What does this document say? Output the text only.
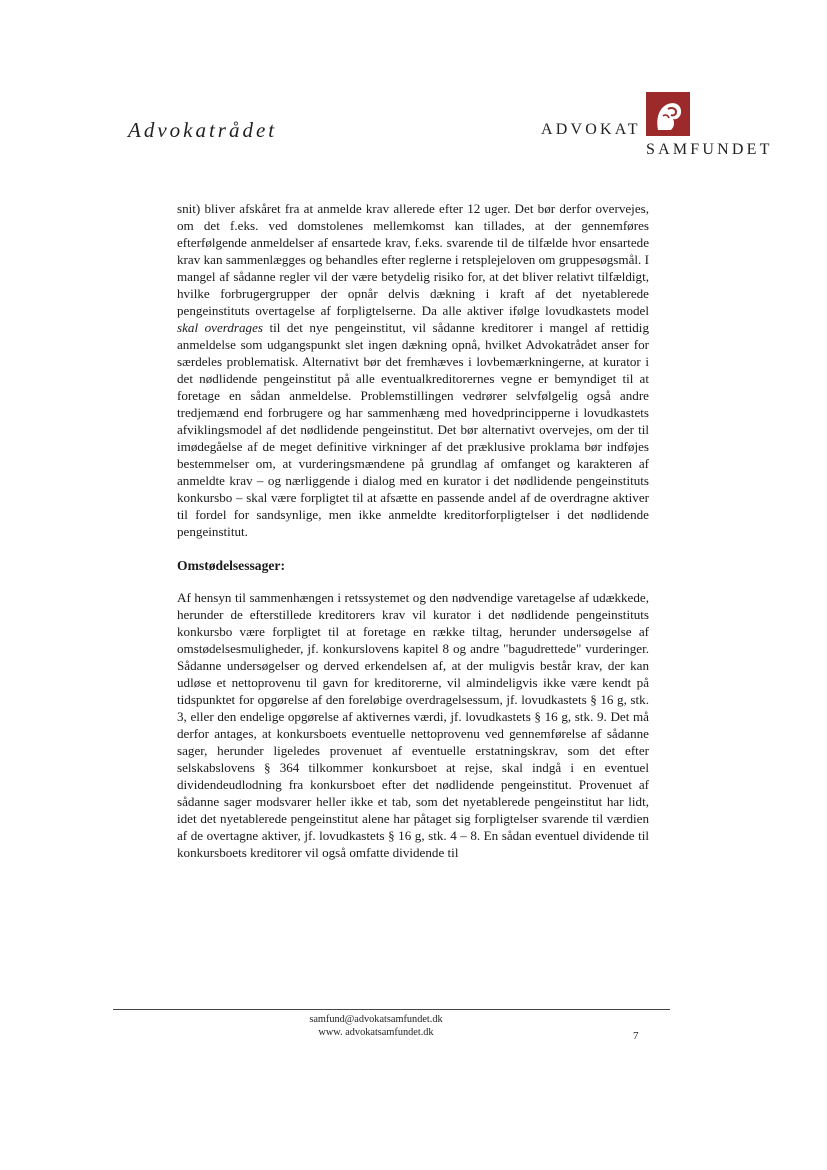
Advokatrådet	ADVOKAT
SAMFUNDET

snit) bliver afskåret fra at anmelde krav allerede efter 12 uger. Det bør derfor overvejes, om det f.eks. ved domstolenes mellemkomst kan tillades, at der gennemføres efterfølgende anmeldelser af ensartede krav, f.eks. svarende til de tilfælde hvor ensartede krav kan sammenlægges og behandles efter reglerne i retsplejeloven om gruppesøgsmål. I mangel af sådanne regler vil der være betydelig risiko for, at det bliver relativt tilfældigt, hvilke forbrugergrupper der opnår delvis dækning i kraft af det nyetablerede pengeinstituts overtagelse af forpligtelserne. Da alle aktiver ifølge lovudkastets model skal overdrages til det nye pengeinstitut, vil sådanne kreditorer i mangel af rettidig anmeldelse som udgangspunkt slet ingen dækning opnå, hvilket Advokatrådet anser for særdeles problematisk. Alternativt bør det fremhæves i lovbemærkningerne, at kurator i det nødlidende pengeinstitut på alle eventualkreditorernes vegne er bemyndiget til at foretage en sådan anmeldelse. Problemstillingen vedrører selvfølgelig også andre tredjemænd end forbrugere og har sammenhæng med hovedprincipperne i lovudkastets afviklingsmodel af det nødlidende pengeinstitut. Det bør alternativt overvejes, om der til imødegåelse af de meget definitive virkninger af det præklusive proklama bør indføjes bestemmelser om, at vurderingsmændene på grundlag af omfanget og karakteren af anmeldte krav – og nærliggende i dialog med en kurator i det nødlidende pengeinstituts konkursbo – skal være forpligtet til at afsætte en passende andel af de overdragne aktiver til fordel for sandsynlige, men ikke anmeldte kreditorforpligtelser i det nødlidende pengeinstitut.

Omstødelsessager:

Af hensyn til sammenhængen i retssystemet og den nødvendige varetagelse af udækkede, herunder de efterstillede kreditorers krav vil kurator i det nødlidende pengeinstituts konkursbo være forpligtet til at foretage en række tiltag, herunder undersøgelse af omstødelsesmuligheder, jf. konkurslovens kapitel 8 og andre "bagudrettede" vurderinger. Sådanne undersøgelser og derved erkendelsen af, at der muligvis består krav, der kan udløse et nettoprovenu til gavn for kreditorerne, vil almindeligvis ikke være kendt på tidspunktet for opgørelse af den foreløbige overdragelsessum, jf. lovudkastets § 16 g, stk. 3, eller den endelige opgørelse af aktivernes værdi, jf. lovudkastets § 16 g, stk. 9. Det må derfor antages, at konkursboets eventuelle nettoprovenu ved gennemførelse af sådanne sager, herunder ligeledes provenuet af eventuelle erstatningskrav, som det efter selskabslovens § 364 tilkommer konkursboet at rejse, skal indgå i en eventuel dividendeudlodning fra konkursboet efter det nødlidende pengeinstitut. Provenuet af sådanne sager modsvarer heller ikke et tab, som det nyetablerede pengeinstitut har lidt, idet det nyetablerede pengeinstitut alene har påtaget sig forpligtelser svarende til værdien af de overtagne aktiver, jf. lovudkastets § 16 g, stk. 4 – 8. En sådan eventuel dividende til konkursboets kreditorer vil også omfatte dividende til

samfund@advokatsamfundet.dk
www. advokatsamfundet.dk	7
